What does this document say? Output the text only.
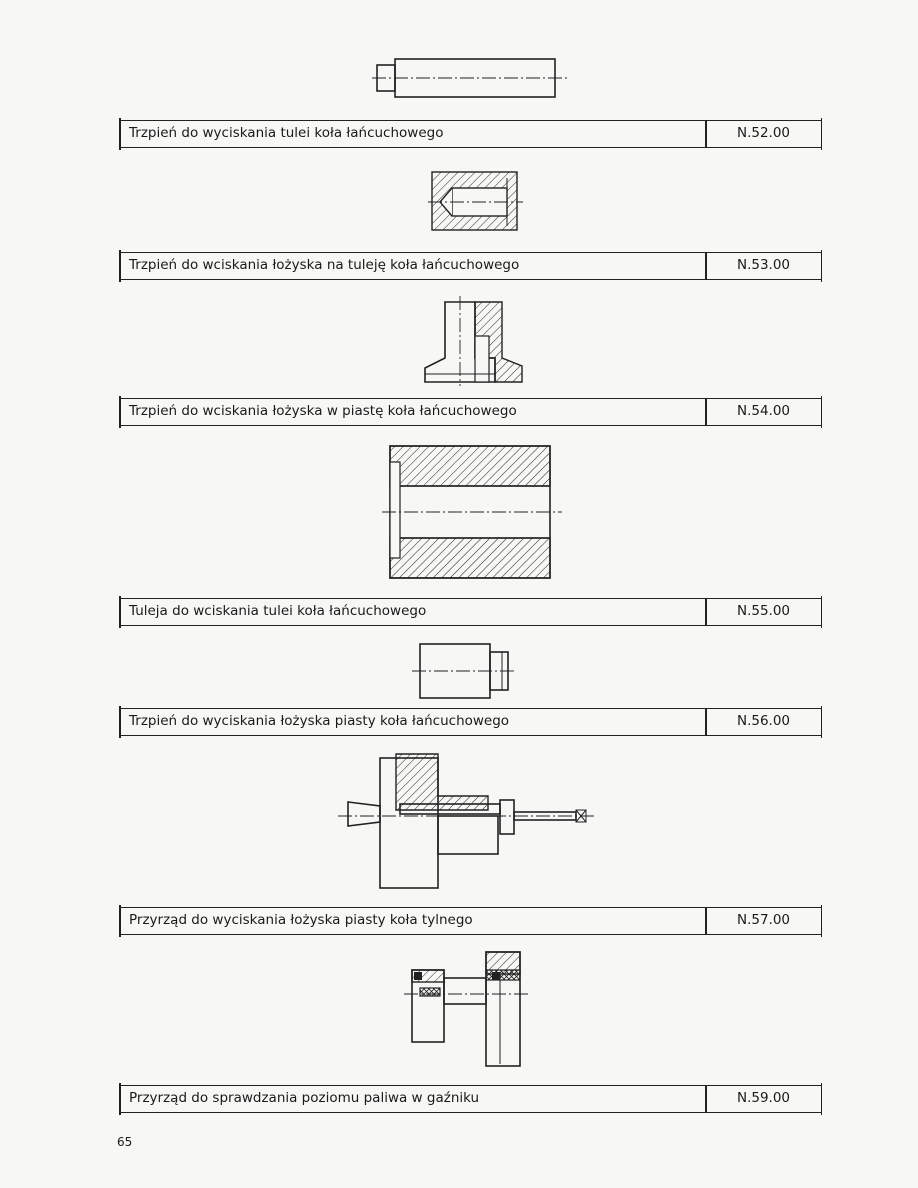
Trzpień do wyciskania tulei koła łańcuchowego	N.52.00
Trzpień do wciskania łożyska na tuleję koła łańcuchowego	N.53.00
Trzpień do wciskania łożyska w piastę koła łańcuchowego	N.54.00
Tuleja do wciskania tulei koła łańcuchowego	N.55.00
Trzpień do wyciskania łożyska piasty koła łańcuchowego	N.56.00
Przyrząd do wyciskania łożyska piasty koła tylnego	N.57.00
Przyrząd do sprawdzania poziomu paliwa w gaźniku	N.59.00
65
